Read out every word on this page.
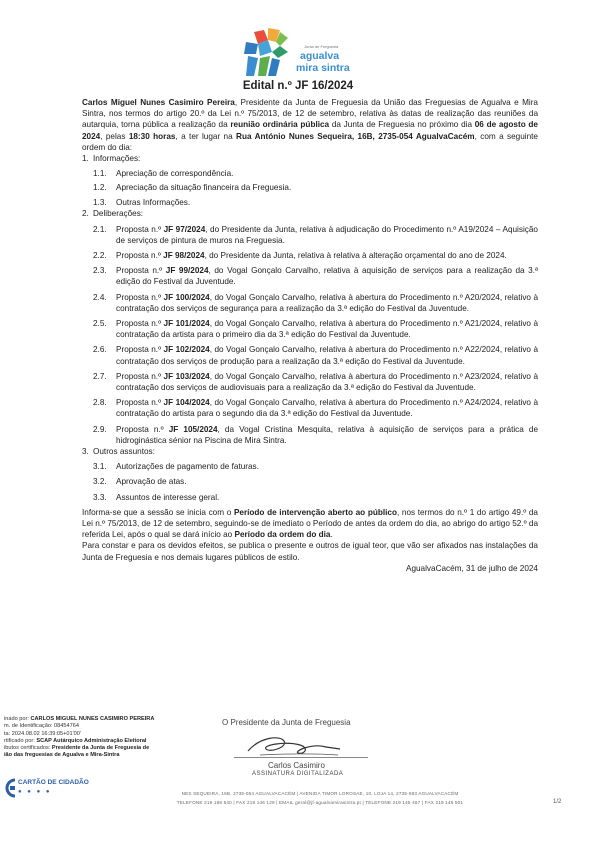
Junta de Freguesia
agualva
mira sintra
Edital n.º JF 16/2024

Carlos Miguel Nunes Casimiro Pereira, Presidente da Junta de Freguesia da União das Freguesias de Agualva e Mira Sintra, nos termos do artigo 20.º da Lei n.º 75/2013, de 12 de setembro, relativa às datas de realização das reuniões da autarquia, torna pública a realização da reunião ordinária pública da Junta de Freguesia no próximo dia 06 de agosto de 2024, pelas 18:30 horas, a ter lugar na Rua António Nunes Sequeira, 16B, 2735-054 AgualvaCacém, com a seguinte ordem do dia:

1. Informações:
1.1.	Apreciação de correspondência.
1.2.	Apreciação da situação financeira da Freguesia.
1.3.	Outras Informações.
2. Deliberações:
2.1.	Proposta n.º JF 97/2024, do Presidente da Junta, relativa à adjudicação do Procedimento n.º A19/2024 – Aquisição de serviços de pintura de muros na Freguesia.
2.2.	Proposta n.º JF 98/2024, do Presidente da Junta, relativa à relativa à alteração orçamental do ano de 2024.
2.3.	Proposta n.º JF 99/2024, do Vogal Gonçalo Carvalho, relativa à aquisição de serviços para a realização da 3.ª edição do Festival da Juventude.
2.4.	Proposta n.º JF 100/2024, do Vogal Gonçalo Carvalho, relativa à abertura do Procedimento n.º A20/2024, relativo à contratação dos serviços de segurança para a realização da 3.ª edição do Festival da Juventude.
2.5.	Proposta n.º JF 101/2024, do Vogal Gonçalo Carvalho, relativa à abertura do Procedimento n.º A21/2024, relativo à contratação da artista para o primeiro dia da 3.ª edição do Festival da Juventude.
2.6.	Proposta n.º JF 102/2024, do Vogal Gonçalo Carvalho, relativa à abertura do Procedimento n.º A22/2024, relativo à contratação dos serviços de produção para a realização da 3.ª edição do Festival da Juventude.
2.7.	Proposta n.º JF 103/2024, do Vogal Gonçalo Carvalho, relativa à abertura do Procedimento n.º A23/2024, relativo à contratação dos serviços de audiovisuais para a realização da 3.ª edição do Festival da Juventude.
2.8.	Proposta n.º JF 104/2024, do Vogal Gonçalo Carvalho, relativa à abertura do Procedimento n.º A24/2024, relativo à contratação do artista para o segundo dia da 3.ª edição do Festival da Juventude.
2.9.	Proposta n.º JF 105/2024, da Vogal Cristina Mesquita, relativa à aquisição de serviços para a prática de hidroginástica sénior na Piscina de Mira Sintra.
3. Outros assuntos:
3.1.	Autorizações de pagamento de faturas.
3.2.	Aprovação de atas.
3.3.	Assuntos de interesse geral.

Informa-se que a sessão se inicia com o Período de intervenção aberto ao público, nos termos do n.º 1 do artigo 49.º da Lei n.º 75/2013, de 12 de setembro, seguindo-se de imediato o Período de antes da ordem do dia, ao abrigo do artigo 52.º da referida Lei, após o qual se dará início ao Período da ordem do dia.

Para constar e para os devidos efeitos, se publica o presente e outros de igual teor, que vão ser afixados nas instalações da Junta de Freguesia e nos demais lugares públicos de estilo.

AgualvaCacém, 31 de julho de 2024

O Presidente da Junta de Freguesia
Carlos Casimiro
ASSINATURA DIGITALIZADA
inado por: CARLOS MIGUEL NUNES CASIMIRO PEREIRA
m. de Identificação: 08454764
ta: 2024.08.02 16:39:05+01'00'
rtificado por: SCAP Autárquico Administração Eleitoral
ibutos certificados: Presidente da Junta de Freguesia de
ião das freguesias de Agualva e Mira-Sintra
CARTÃO DE CIDADÃO
● ● ● ●	NES SEQUEIRA, 16B, 2735-054 AGUALVACACÉM | AVENIDA TIMOR LOROSAE, 10, LOJA 14, 2735-593 AGUALVACACÉM
TELEFONE 219 188 540 | FAX 219 146 129 | EMAIL geral@jf-agualvamirasintra.pt | TELEFONE 219 145 467 | FAX 219 145 501	1/2
